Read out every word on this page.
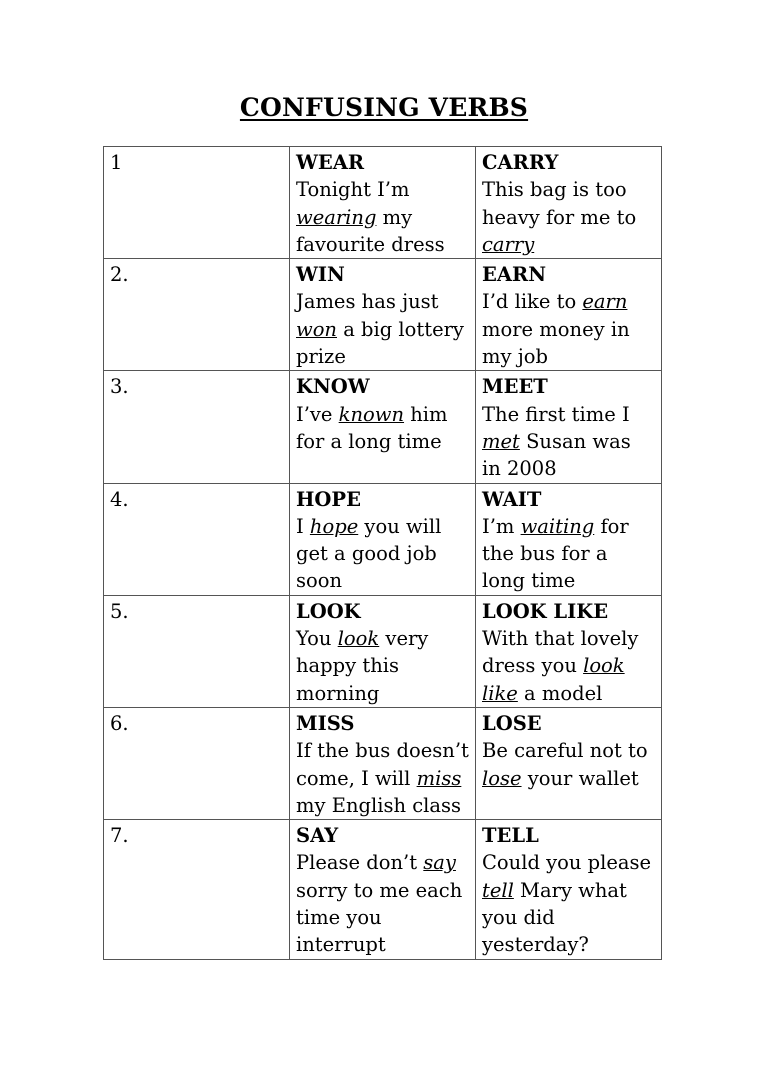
CONFUSING VERBS
1	WEAR
Tonight I’m wearing my favourite dress	CARRY
This bag is too heavy for me to carry

2.	WIN
James has just won a big lottery prize	EARN
I’d like to earn more money in my job

3.	KNOW
I’ve known him for a long time	MEET
The first time I met Susan was in 2008

4.	HOPE
I hope you will get a good job soon	WAIT
I’m waiting for the bus for a long time

5.	LOOK
You look very happy this morning	LOOK LIKE
With that lovely dress you look like a model

6.	MISS
If the bus doesn’t come, I will miss my English class	LOSE
Be careful not to lose your wallet

7.	SAY
Please don’t say sorry to me each time you interrupt	TELL
Could you please tell Mary what you did yesterday?
